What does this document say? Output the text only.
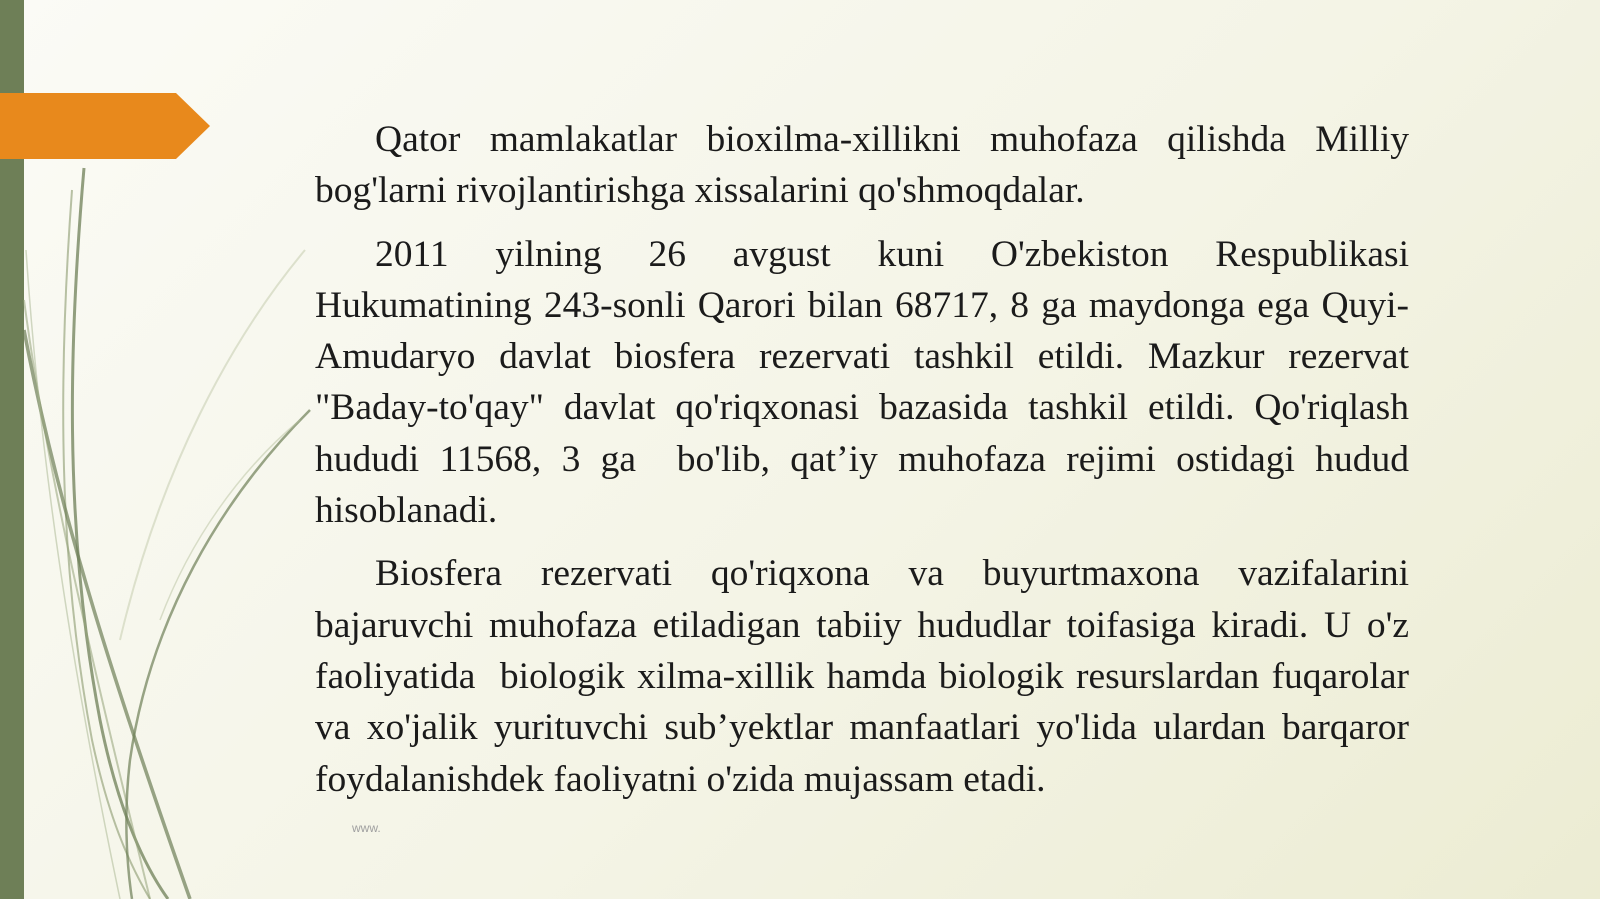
Qator mamlakatlar bioxilma-xillikni muhofaza qilishda Milliy bog'larni rivojlantirishga xissalarini qo'shmoqdalar.

2011 yilning 26 avgust kuni O'zbekiston Respublikasi Hukumatining 243-sonli Qarori bilan 68717, 8 ga maydonga ega Quyi-Amudaryo davlat biosfera rezervati tashkil etildi. Mazkur rezervat "Baday-to'qay" davlat qo'riqxonasi bazasida tashkil etildi. Qo'riqlash hududi 11568, 3 ga  bo'lib, qat’iy muhofaza rejimi ostidagi hudud hisoblanadi.

Biosfera rezervati qo'riqxona va buyurtmaxona vazifalarini bajaruvchi muhofaza etiladigan tabiiy hududlar toifasiga kiradi. U o'z faoliyatida  biologik xilma-xillik hamda biologik resurslardan fuqarolar va xo'jalik yurituvchi sub’yektlar manfaatlari yo'lida ulardan barqaror foydalanishdek faoliyatni o'zida mujassam etadi.

www.
